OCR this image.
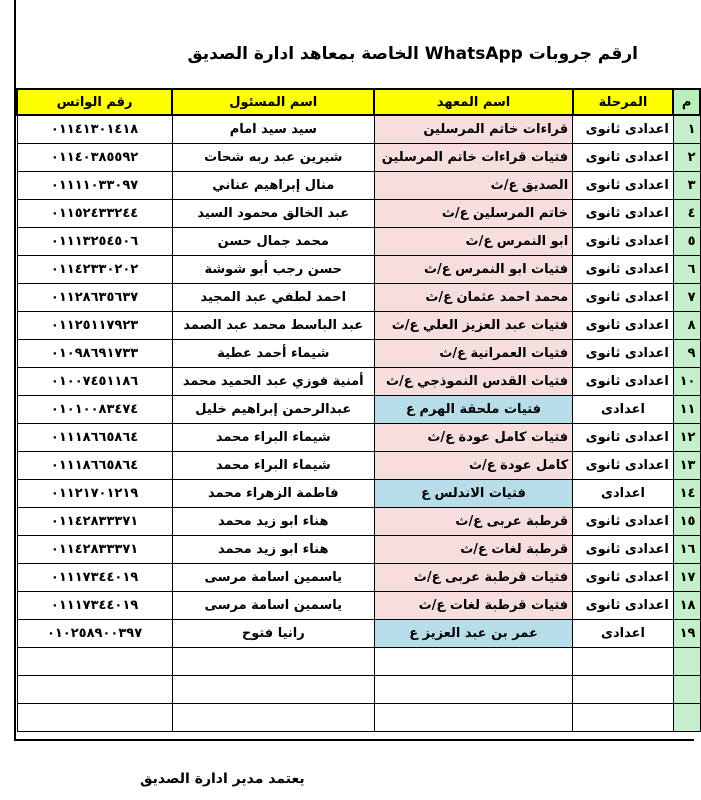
ارقم جروبات WhatsApp الخاصة بمعاهد ادارة الصديق
م	المرحلة	اسم المعهد	اسم المسئول	رقم الواتس
١	اعدادى ثانوى	قراءات خاتم المرسلين	سيد سيد امام	٠١١٤١٣٠١٤١٨
٢	اعدادى ثانوى	فتيات قراءات خاتم المرسلين	شيرين عبد ربه شحات	٠١١٤٠٣٨٥٥٩٢
٣	اعدادى ثانوى	الصديق ع/ث	منال إبراهيم عناني	٠١١١١٠٣٣٠٩٧
٤	اعدادى ثانوى	خاتم المرسلين ع/ث	عبد الخالق محمود السيد	٠١١٥٢٤٣٣٢٤٤
٥	اعدادى ثانوى	ابو النمرس ع/ث	محمد جمال حسن	٠١١١٣٢٥٤٥٠٦
٦	اعدادى ثانوى	فتيات ابو النمرس ع/ث	حسن رجب أبو شوشة	٠١١٤٢٣٣٠٢٠٢
٧	اعدادى ثانوى	محمد احمد عثمان ع/ث	احمد لطفي عبد المجيد	٠١١٢٨٦٣٥٦٣٧
٨	اعدادى ثانوى	فتيات عبد العزيز العلي ع/ث	عبد الباسط محمد عبد الصمد	٠١١٢٥١١٧٩٢٣
٩	اعدادى ثانوى	فتيات العمرانية ع/ث	شيماء أحمد عطية	٠١٠٩٨٦٩١٧٣٣
١٠	اعدادى ثانوى	فتيات القدس النموذجي ع/ث	أمنية فوزي عبد الحميد محمد	٠١٠٠٧٤٥١١٨٦
١١	اعدادى	فتيات ملحقة الهرم ع	عبدالرحمن إبراهيم خليل	٠١٠١٠٠٨٣٤٧٤
١٢	اعدادى ثانوى	فتيات كامل عودة ع/ث	شيماء البراء محمد	٠١١١٨٦٦٥٨٦٤
١٣	اعدادى ثانوى	كامل عودة ع/ث	شيماء البراء محمد	٠١١١٨٦٦٥٨٦٤
١٤	اعدادى	فتيات الاندلس ع	فاطمة الزهراء محمد	٠١١٢١٧٠١٢١٩
١٥	اعدادى ثانوى	قرطبة عربى ع/ث	هناء ابو زيد محمد	٠١١٤٢٨٣٣٣٧١
١٦	اعدادى ثانوى	قرطبة لغات ع/ث	هناء ابو زيد محمد	٠١١٤٢٨٣٣٣٧١
١٧	اعدادى ثانوى	فتيات قرطبة عربى ع/ث	ياسمين اسامة مرسى	٠١١١٧٣٤٤٠١٩
١٨	اعدادى ثانوى	فتيات قرطبة لغات ع/ث	ياسمين اسامة مرسى	٠١١١٧٣٤٤٠١٩
١٩	اعدادى	عمر بن عبد العزيز ع	رانيا فتوح	٠١٠٢٥٨٩٠٠٣٩٧

يعتمد مدير ادارة الصديق
